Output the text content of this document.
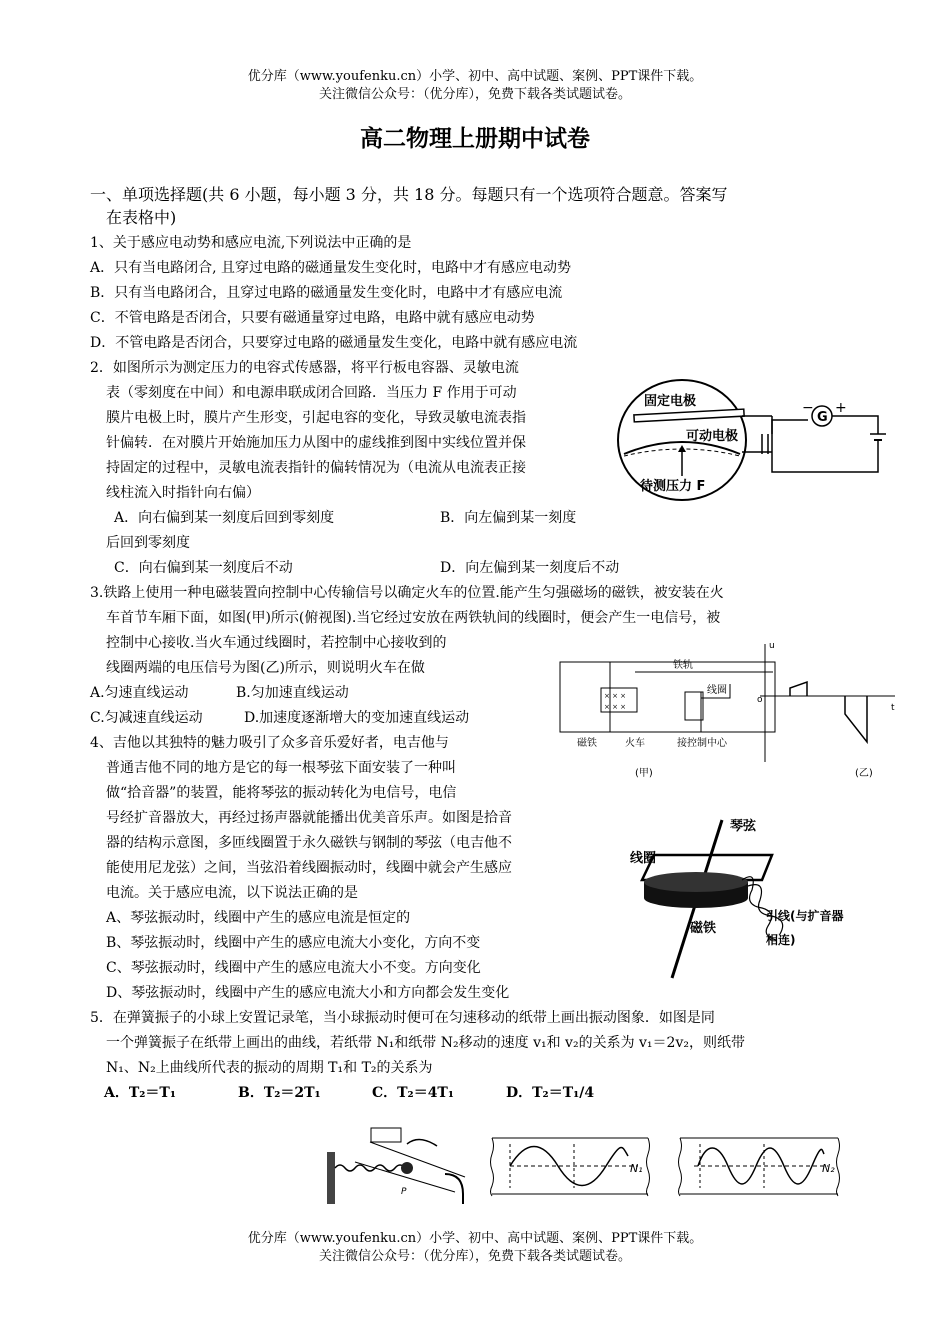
优分库（www.youfenku.cn）小学、初中、高中试题、案例、PPT课件下载。
关注微信公众号：（优分库），免费下载各类试题试卷。
高二物理上册期中试卷
一、单项选择题(共 6 小题，每小题 3 分，共 18 分。每题只有一个选项符合题意。答案写
在表格中)
1、关于感应电动势和感应电流,下列说法中正确的是
A．只有当电路闭合, 且穿过电路的磁通量发生变化时，电路中才有感应电动势
B．只有当电路闭合，且穿过电路的磁通量发生变化时，电路中才有感应电流
C．不管电路是否闭合，只要有磁通量穿过电路，电路中就有感应电动势
D．不管电路是否闭合，只要穿过电路的磁通量发生变化，电路中就有感应电流
2．如图所示为测定压力的电容式传感器，将平行板电容器、灵敏电流
表（零刻度在中间）和电源串联成闭合回路．当压力 F 作用于可动
膜片电极上时，膜片产生形变，引起电容的变化，导致灵敏电流表指
针偏转．在对膜片开始施加压力从图中的虚线推到图中实线位置并保
持固定的过程中，灵敏电流表指针的偏转情况为（电流从电流表正接
线柱流入时指针向右偏）
A．向右偏到某一刻度后回到零刻度	B．向左偏到某一刻度
后回到零刻度
C．向右偏到某一刻度后不动	D．向左偏到某一刻度后不动
G
− +
固定电极
可动电极
待测压力 F
3.铁路上使用一种电磁装置向控制中心传输信号以确定火车的位置.能产生匀强磁场的磁铁，被安装在火
车首节车厢下面，如图(甲)所示(俯视图).当它经过安放在两铁轨间的线圈时，便会产生一电信号，被
控制中心接收.当火车通过线圈时，若控制中心接收到的
线圈两端的电压信号为图(乙)所示，则说明火车在做
A.匀速直线运动	B.匀加速直线运动
C.匀减速直线运动	D.加速度逐渐增大的变加速直线运动
× × ×
× × ×
铁轨
线圈
磁铁	火车	接控制中心
(甲)
u
t
o
(乙)
4、吉他以其独特的魅力吸引了众多音乐爱好者，电吉他与
普通吉他不同的地方是它的每一根琴弦下面安装了一种叫
做“拾音器”的装置，能将琴弦的振动转化为电信号，电信
号经扩音器放大，再经过扬声器就能播出优美音乐声。如图是拾音
器的结构示意图，多匝线圈置于永久磁铁与钢制的琴弦（电吉他不
能使用尼龙弦）之间，当弦沿着线圈振动时，线圈中就会产生感应
电流。关于感应电流，以下说法正确的是
A、琴弦振动时，线圈中产生的感应电流是恒定的
B、琴弦振动时，线圈中产生的感应电流大小变化，方向不变
C、琴弦振动时，线圈中产生的感应电流大小不变。方向变化
D、琴弦振动时，线圈中产生的感应电流大小和方向都会发生变化
琴弦
线圈
磁铁
引线(与扩音器
相连)
5．在弹簧振子的小球上安置记录笔，当小球振动时便可在匀速移动的纸带上画出振动图象．如图是同
一个弹簧振子在纸带上画出的曲线，若纸带 N₁和纸带 N₂移动的速度 v₁和 v₂的关系为 v₁＝2v₂，则纸带
N₁、N₂上曲线所代表的振动的周期 T₁和 T₂的关系为
A．T₂＝T₁	B．T₂＝2T₁	C．T₂＝4T₁	D．T₂＝T₁/4
P
N₁	N₂
优分库（www.youfenku.cn）小学、初中、高中试题、案例、PPT课件下载。
关注微信公众号：（优分库），免费下载各类试题试卷。
